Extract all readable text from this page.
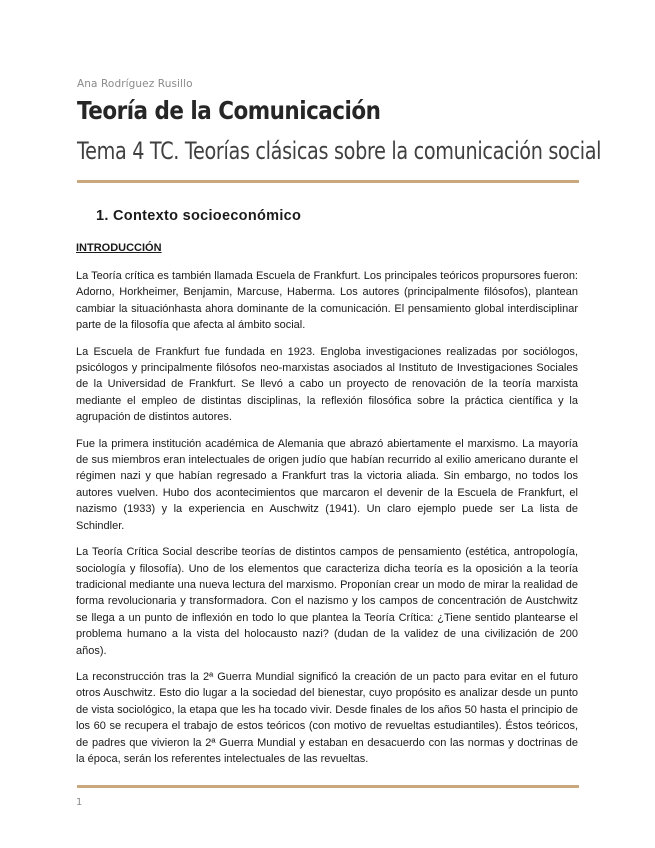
Ana Rodríguez Rusillo
Teoría de la Comunicación
Tema 4 TC. Teorías clásicas sobre la comunicación social
1. Contexto socioeconómico
INTRODUCCIÓN

La Teoría crítica es también llamada Escuela de Frankfurt. Los principales teóricos propursores fueron: Adorno, Horkheimer, Benjamin, Marcuse, Haberma. Los autores (principalmente filósofos), plantean cambiar la situaciónhasta ahora dominante de la comunicación. El pensamiento global interdisciplinar parte de la filosofía que afecta al ámbito social.

La Escuela de Frankfurt fue fundada en 1923. Engloba investigaciones realizadas por sociólogos, psicólogos y principalmente filósofos neo-marxistas asociados al Instituto de Investigaciones Sociales de la Universidad de Frankfurt. Se llevó a cabo un proyecto de renovación de la teoría marxista mediante el empleo de distintas disciplinas, la reflexión filosófica sobre la práctica científica y la agrupación de distintos autores.

Fue la primera institución académica de Alemania que abrazó abiertamente el marxismo. La mayoría de sus miembros eran intelectuales de origen judío que habían recurrido al exilio americano durante el régimen nazi y que habían regresado a Frankfurt tras la victoria aliada. Sin embargo, no todos los autores vuelven. Hubo dos acontecimientos que marcaron el devenir de la Escuela de Frankfurt, el nazismo (1933) y la experiencia en Auschwitz (1941). Un claro ejemplo puede ser La lista de Schindler.

La Teoría Crítica Social describe teorías de distintos campos de pensamiento (estética, antropología, sociología y filosofía). Uno de los elementos que caracteriza dicha teoría es la oposición a la teoría tradicional mediante una nueva lectura del marxismo. Proponían crear un modo de mirar la realidad de forma revolucionaria y transformadora. Con el nazismo y los campos de concentración de Austchwitz se llega a un punto de inflexión en todo lo que plantea la Teoría Crítica: ¿Tiene sentido plantearse el problema humano a la vista del holocausto nazi? (dudan de la validez de una civilización de 200 años).

La reconstrucción tras la 2ª Guerra Mundial significó la creación de un pacto para evitar en el futuro otros Auschwitz. Esto dio lugar a la sociedad del bienestar, cuyo propósito es analizar desde un punto de vista sociológico, la etapa que les ha tocado vivir. Desde finales de los años 50 hasta el principio de los 60 se recupera el trabajo de estos teóricos (con motivo de revueltas estudiantiles). Éstos teóricos, de padres que vivieron la 2ª Guerra Mundial y estaban en desacuerdo con las normas y doctrinas de la época, serán los referentes intelectuales de las revueltas.

1
